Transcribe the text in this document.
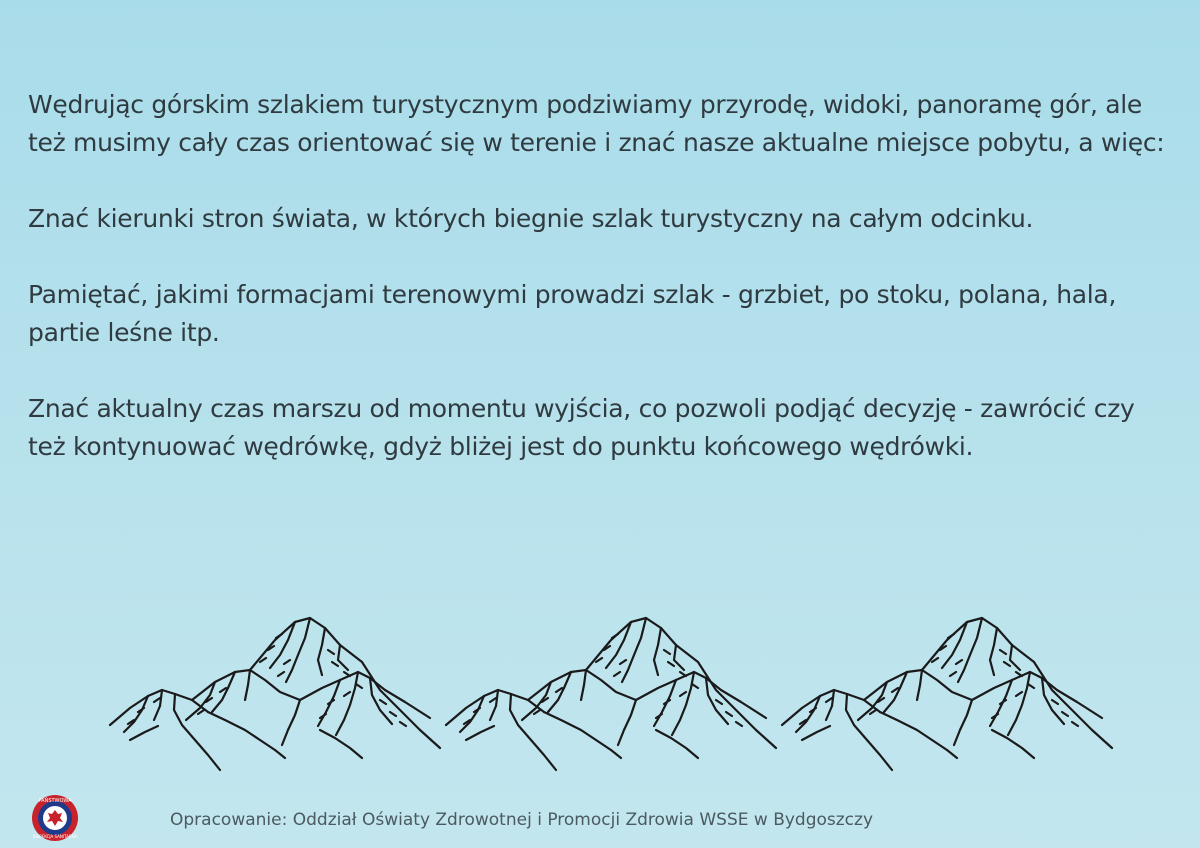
Wędrując górskim szlakiem turystycznym podziwiamy przyrodę, widoki, panoramę gór, ale też musimy cały czas orientować się w terenie i znać nasze aktualne miejsce pobytu, a więc:

Znać kierunki stron świata, w których biegnie szlak turystyczny na całym odcinku.

Pamiętać, jakimi formacjami terenowymi prowadzi szlak - grzbiet, po stoku, polana, hala, partie leśne itp.

Znać aktualny czas marszu od momentu wyjścia, co pozwoli podjąć decyzję - zawrócić czy też kontynuować wędrówkę, gdyż bliżej jest do punktu końcowego wędrówki.

PAŃSTWOWA
INSPEKCJA SANITARNA
Opracowanie: Oddział Oświaty Zdrowotnej i Promocji Zdrowia WSSE w Bydgoszczy
